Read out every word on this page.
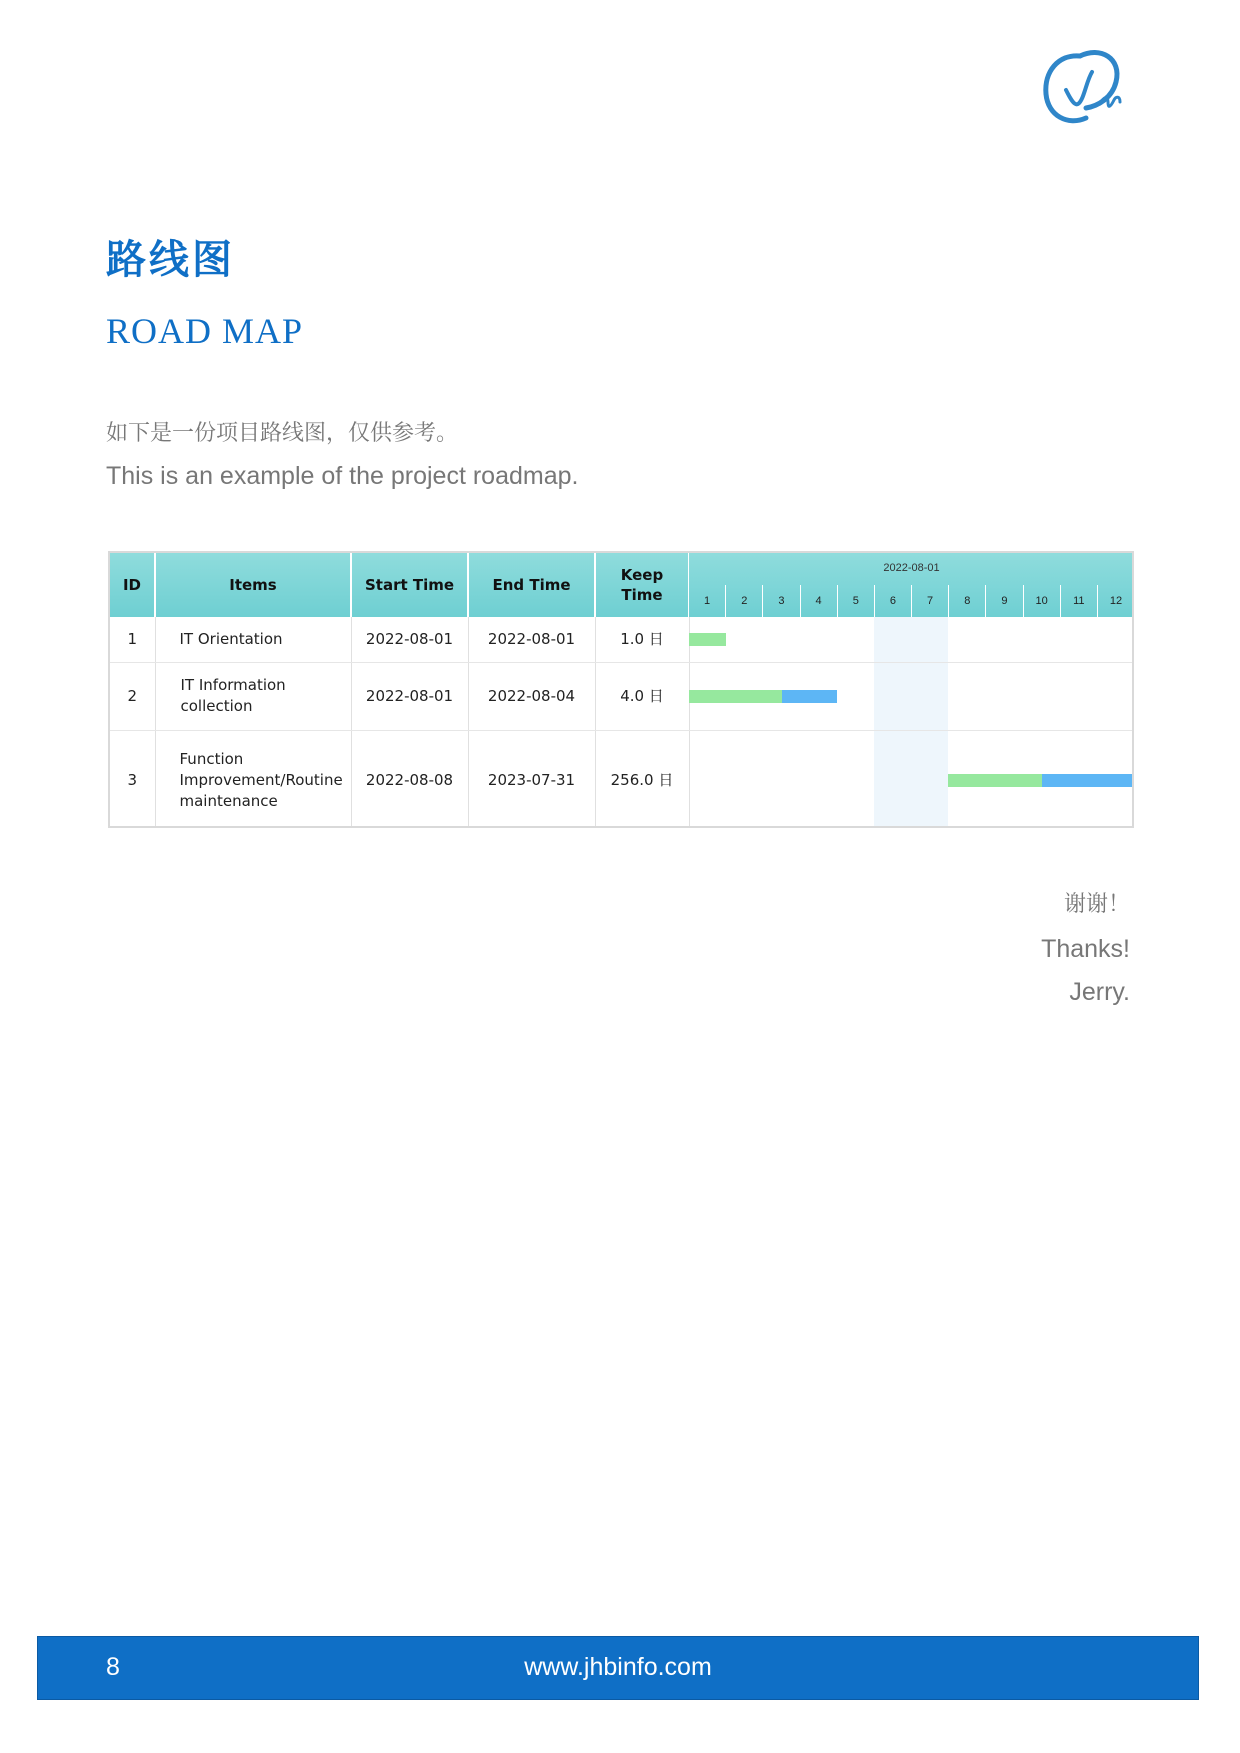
路线图
ROAD MAP
如下是一份项目路线图，仅供参考。
This is an example of the project roadmap.
ID	Items	Start Time	End Time	Keep Time
1	IT Orientation	2022-08-01	2022-08-01	1.0 日
2	IT Information collection	2022-08-01	2022-08-04	4.0 日
3	Function Improvement/Routine maintenance	2022-08-08	2023-07-31	256.0 日
2022-08-01
1	2	3	4	5	6	7	8	9	10	11	12
谢谢！
Thanks!
Jerry.
8	www.jhbinfo.com
